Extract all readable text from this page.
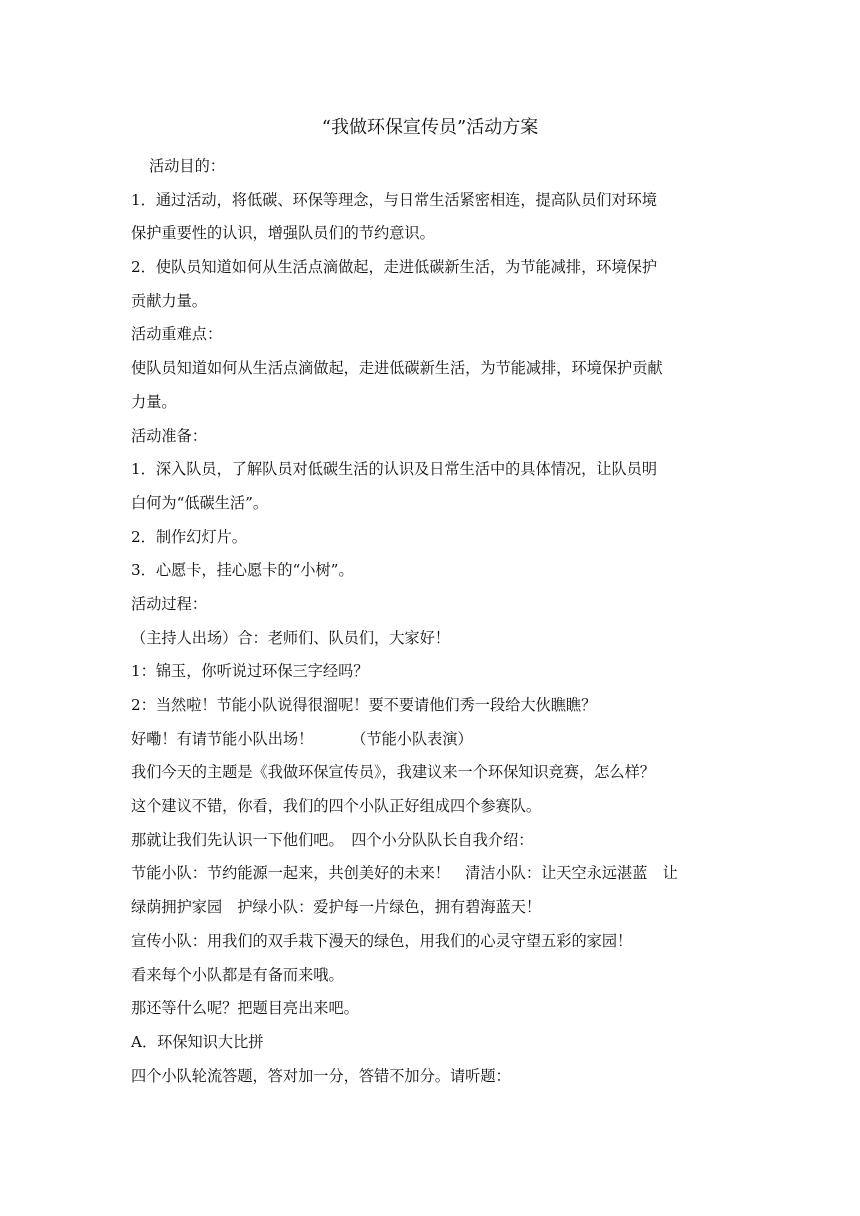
“我做环保宣传员”活动方案
活动目的：
1．通过活动，将低碳、环保等理念，与日常生活紧密相连，提高队员们对环境
保护重要性的认识，增强队员们的节约意识。
2．使队员知道如何从生活点滴做起，走进低碳新生活，为节能减排，环境保护
贡献力量。
活动重难点：
使队员知道如何从生活点滴做起，走进低碳新生活，为节能减排，环境保护贡献
力量。
活动准备：
1．深入队员，了解队员对低碳生活的认识及日常生活中的具体情况，让队员明
白何为“低碳生活”。
2．制作幻灯片。
3．心愿卡，挂心愿卡的“小树”。
活动过程：
（主持人出场）合：老师们、队员们，大家好！
1：锦玉，你听说过环保三字经吗？
2：当然啦！节能小队说得很溜呢！要不要请他们秀一段给大伙瞧瞧？
好嘞！有请节能小队出场！　　　（节能小队表演）
我们今天的主题是《我做环保宣传员》，我建议来一个环保知识竞赛，怎么样？
这个建议不错，你看，我们的四个小队正好组成四个参赛队。
那就让我们先认识一下他们吧。　四个小分队队长自我介绍：
节能小队：节约能源一起来，共创美好的未来！　清洁小队：让天空永远湛蓝　让
绿荫拥护家园　护绿小队：爱护每一片绿色，拥有碧海蓝天！
宣传小队：用我们的双手栽下漫天的绿色，用我们的心灵守望五彩的家园！
看来每个小队都是有备而来哦。
那还等什么呢？把题目亮出来吧。
A．环保知识大比拼
四个小队轮流答题，答对加一分，答错不加分。请听题：
